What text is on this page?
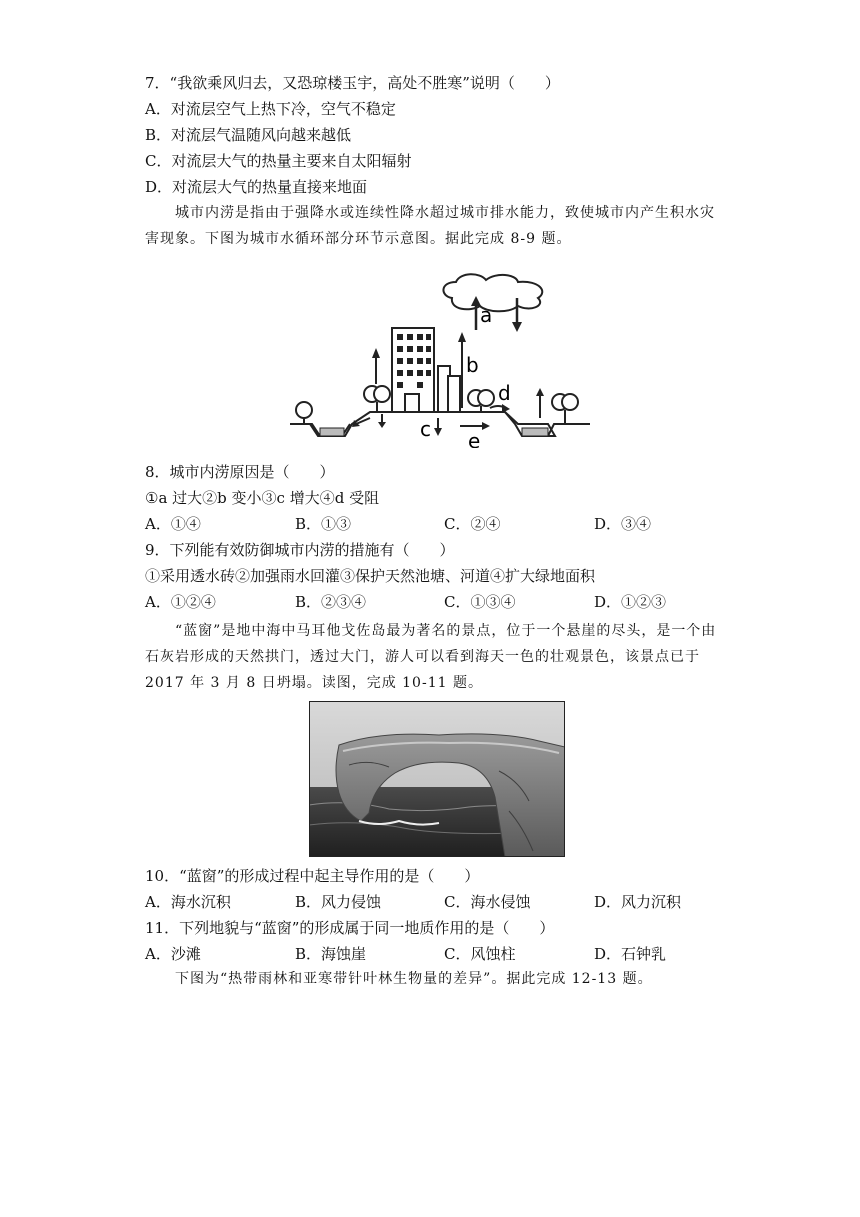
7．“我欲乘风归去，又恐琼楼玉宇，高处不胜寒”说明（　　）
A．对流层空气上热下冷，空气不稳定
B．对流层气温随风向越来越低
C．对流层大气的热量主要来自太阳辐射
D．对流层大气的热量直接来地面
城市内涝是指由于强降水或连续性降水超过城市排水能力，致使城市内产生积水灾害现象。下图为城市水循环部分环节示意图。据此完成 8-9 题。
a
b
d
c e
8．城市内涝原因是（　　）
①a 过大②b 变小③c 增大④d 受阻
A．①④	B．①③	C．②④	D．③④
9．下列能有效防御城市内涝的措施有（　　）
①采用透水砖②加强雨水回灌③保护天然池塘、河道④扩大绿地面积
A．①②④	B．②③④	C．①③④	D．①②③
“蓝窗”是地中海中马耳他戈佐岛最为著名的景点，位于一个悬崖的尽头，是一个由石灰岩形成的天然拱门，透过大门，游人可以看到海天一色的壮观景色，该景点已于 2017 年 3 月 8 日坍塌。读图，完成 10-11 题。
10．“蓝窗”的形成过程中起主导作用的是（　　）
A．海水沉积	B．风力侵蚀	C．海水侵蚀	D．风力沉积
11．下列地貌与“蓝窗”的形成属于同一地质作用的是（　　）
A．沙滩	B．海蚀崖	C．风蚀柱	D．石钟乳
下图为“热带雨林和亚寒带针叶林生物量的差异”。据此完成 12-13 题。
